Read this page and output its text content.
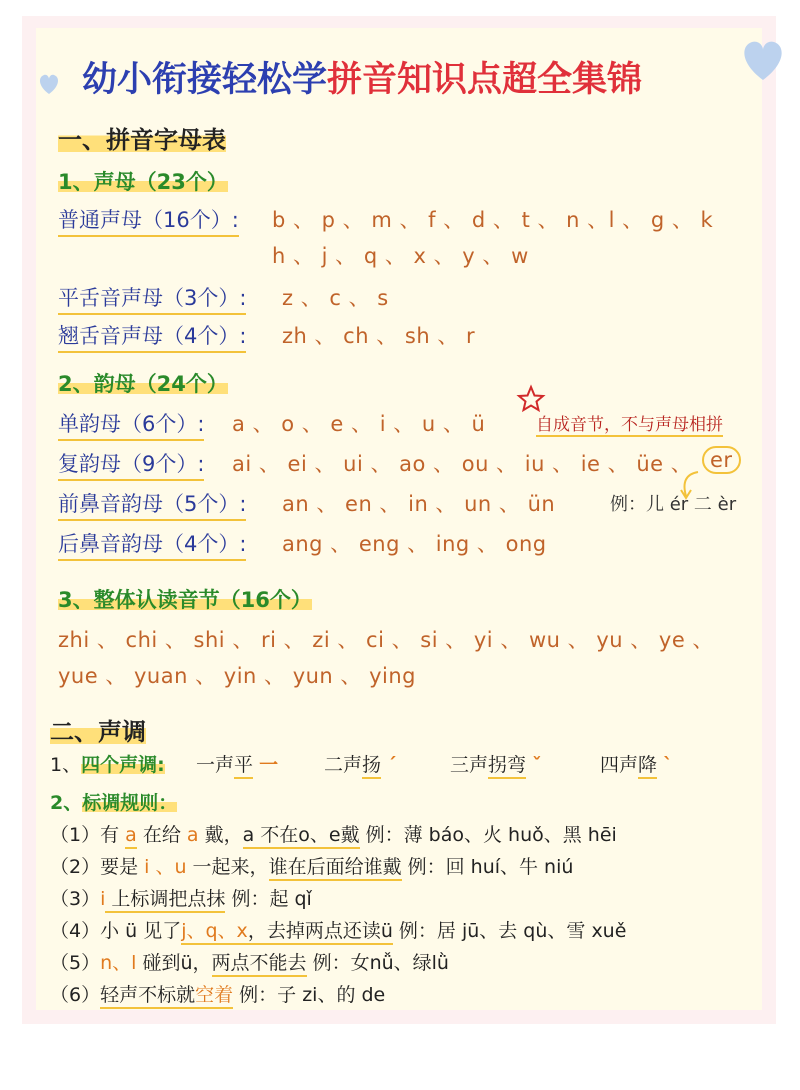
幼小衔接轻松学拼音知识点超全集锦
一、拼音字母表
1、声母（23个）
普通声母（16个）: b 、 p 、 m 、 f 、 d 、 t 、 n 、l 、 g 、 k
h 、 j 、 q 、 x 、 y 、 w
平舌音声母（3个）: z 、 c 、 s
翘舌音声母（4个）: zh 、 ch 、 sh 、 r
2、韵母（24个）
自成音节，不与声母相拼
单韵母（6个）: a 、 o 、 e 、 i 、 u 、 ü
复韵母（9个）: ai 、 ei 、 ui 、 ao 、 ou 、 iu 、 ie 、 üe 、 er
前鼻音韵母（5个）: an 、 en 、 in 、 un 、 ün	例：儿 ér 二 èr
后鼻音韵母（4个）: ang 、 eng 、 ing 、 ong
3、整体认读音节（16个）
zhi 、 chi 、 shi 、 ri 、 zi 、 ci 、 si 、 yi 、 wu 、 yu 、 ye 、
yue 、 yuan 、 yin 、 yun 、 ying
二、声调
1、四个声调: 一声平 一 二声扬 ˊ	三声拐弯 ˇ	四声降 ˋ
2、标调规则：
（1）有 a 在给 a 戴，a 不在o、e戴 例：薄 báo、火 huǒ、黑 hēi
（2）要是 i 、u 一起来，谁在后面给谁戴 例：回 huí、牛 niú
（3）i 上标调把点抹 例：起 qǐ
（4）小 ü 见了j、q、x，去掉两点还读ü 例：居 jū、去 qù、雪 xuě
（5）n、l 碰到ü，两点不能去 例：女nǚ、绿lǜ
（6）轻声不标就空着 例：子 zi、的 de
